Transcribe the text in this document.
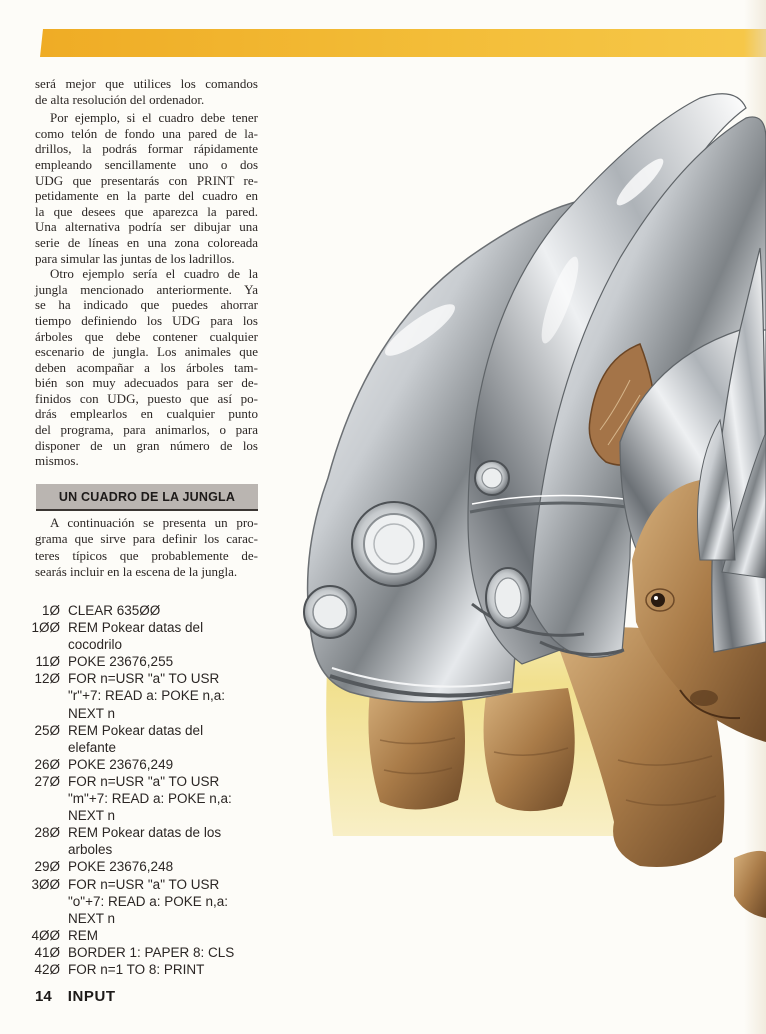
será mejor que utilices los comandos
de alta resolución del ordenador.
Por ejemplo, si el cuadro debe tener
como telón de fondo una pared de la-
drillos, la podrás formar rápidamente
empleando sencillamente uno o dos
UDG que presentarás con PRINT re-
petidamente en la parte del cuadro en
la que desees que aparezca la pared.
Una alternativa podría ser dibujar una
serie de líneas en una zona coloreada
para simular las juntas de los ladrillos.
Otro ejemplo sería el cuadro de la
jungla mencionado anteriormente. Ya
se ha indicado que puedes ahorrar
tiempo definiendo los UDG para los
árboles que debe contener cualquier
escenario de jungla. Los animales que
deben acompañar a los árboles tam-
bién son muy adecuados para ser de-
finidos con UDG, puesto que así po-
drás emplearlos en cualquier punto
del programa, para animarlos, o para
disponer de un gran número de los
mismos.
UN CUADRO DE LA JUNGLA
A continuación se presenta un pro-
grama que sirve para definir los carac-
teres típicos que probablemente de-
searás incluir en la escena de la jungla.
1Ø CLEAR 635ØØ
1ØØ REM Pokear datas del
cocodrilo
11Ø POKE 23676,255
12Ø FOR n=USR "a" TO USR
"r"+7: READ a: POKE n,a:
NEXT n
25Ø REM Pokear datas del
elefante
26Ø POKE 23676,249
27Ø FOR n=USR "a" TO USR
"m"+7: READ a: POKE n,a:
NEXT n
28Ø REM Pokear datas de los
arboles
29Ø POKE 23676,248
3ØØ FOR n=USR "a" TO USR
"o"+7: READ a: POKE n,a:
NEXT n
4ØØ REM
41Ø BORDER 1: PAPER 8: CLS
42Ø FOR n=1 TO 8: PRINT
14 INPUT
